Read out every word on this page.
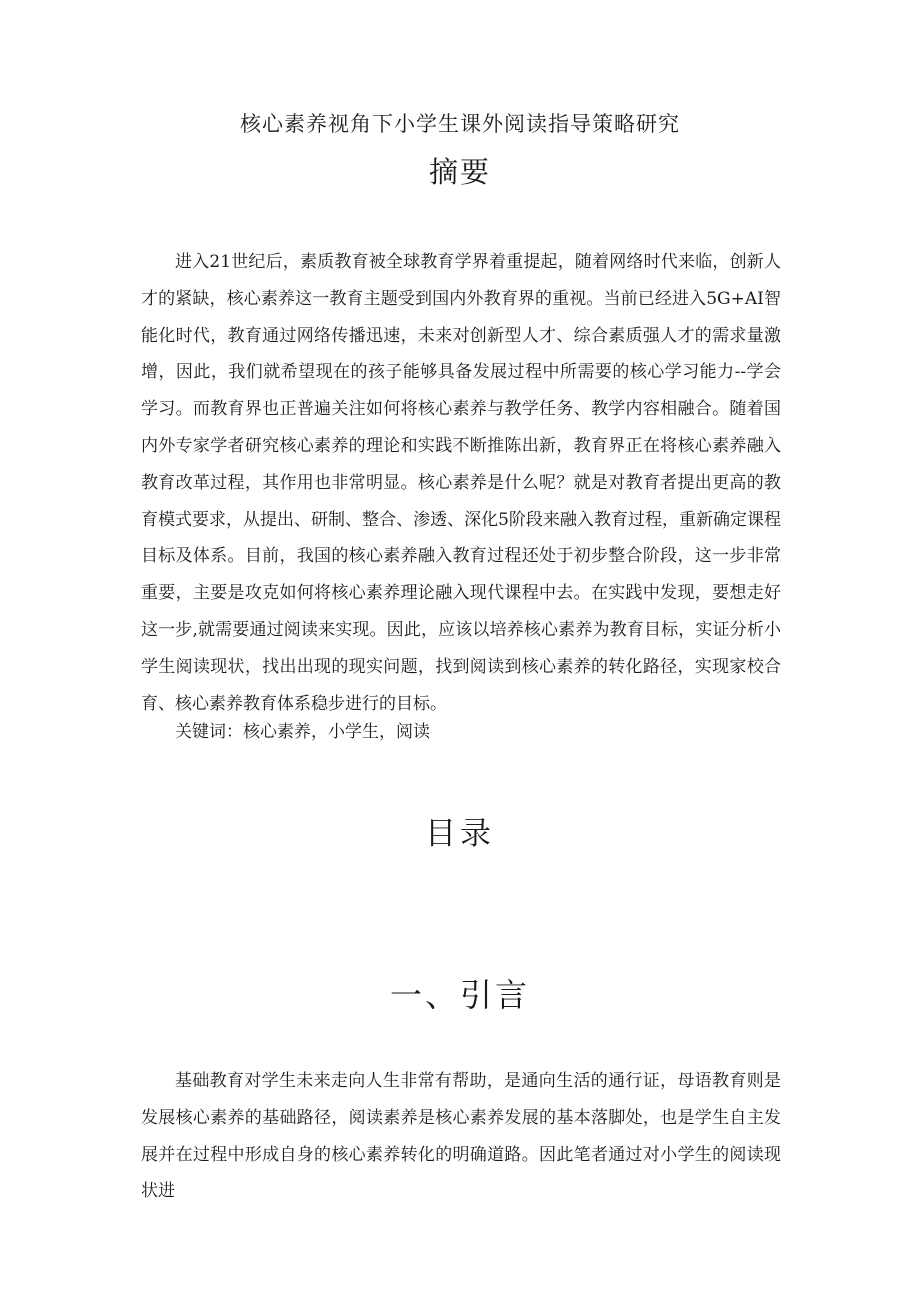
核心素养视角下小学生课外阅读指导策略研究
摘要

进入21世纪后，素质教育被全球教育学界着重提起，随着网络时代来临，创新人才的紧缺，核心素养这一教育主题受到国内外教育界的重视。当前已经进入5G+AI智能化时代，教育通过网络传播迅速，未来对创新型人才、综合素质强人才的需求量激增，因此，我们就希望现在的孩子能够具备发展过程中所需要的核心学习能力--学会学习。而教育界也正普遍关注如何将核心素养与教学任务、教学内容相融合。随着国内外专家学者研究核心素养的理论和实践不断推陈出新，教育界正在将核心素养融入教育改革过程，其作用也非常明显。核心素养是什么呢？就是对教育者提出更高的教育模式要求，从提出、研制、整合、渗透、深化5阶段来融入教育过程，重新确定课程目标及体系。目前，我国的核心素养融入教育过程还处于初步整合阶段，这一步非常重要，主要是攻克如何将核心素养理论融入现代课程中去。在实践中发现，要想走好这一步,就需要通过阅读来实现。因此，应该以培养核心素养为教育目标，实证分析小学生阅读现状，找出出现的现实问题，找到阅读到核心素养的转化路径，实现家校合育、核心素养教育体系稳步进行的目标。

关键词：核心素养，小学生，阅读
目录
一、引言

基础教育对学生未来走向人生非常有帮助，是通向生活的通行证，母语教育则是发展核心素养的基础路径，阅读素养是核心素养发展的基本落脚处，也是学生自主发展并在过程中形成自身的核心素养转化的明确道路。因此笔者通过对小学生的阅读现状进
